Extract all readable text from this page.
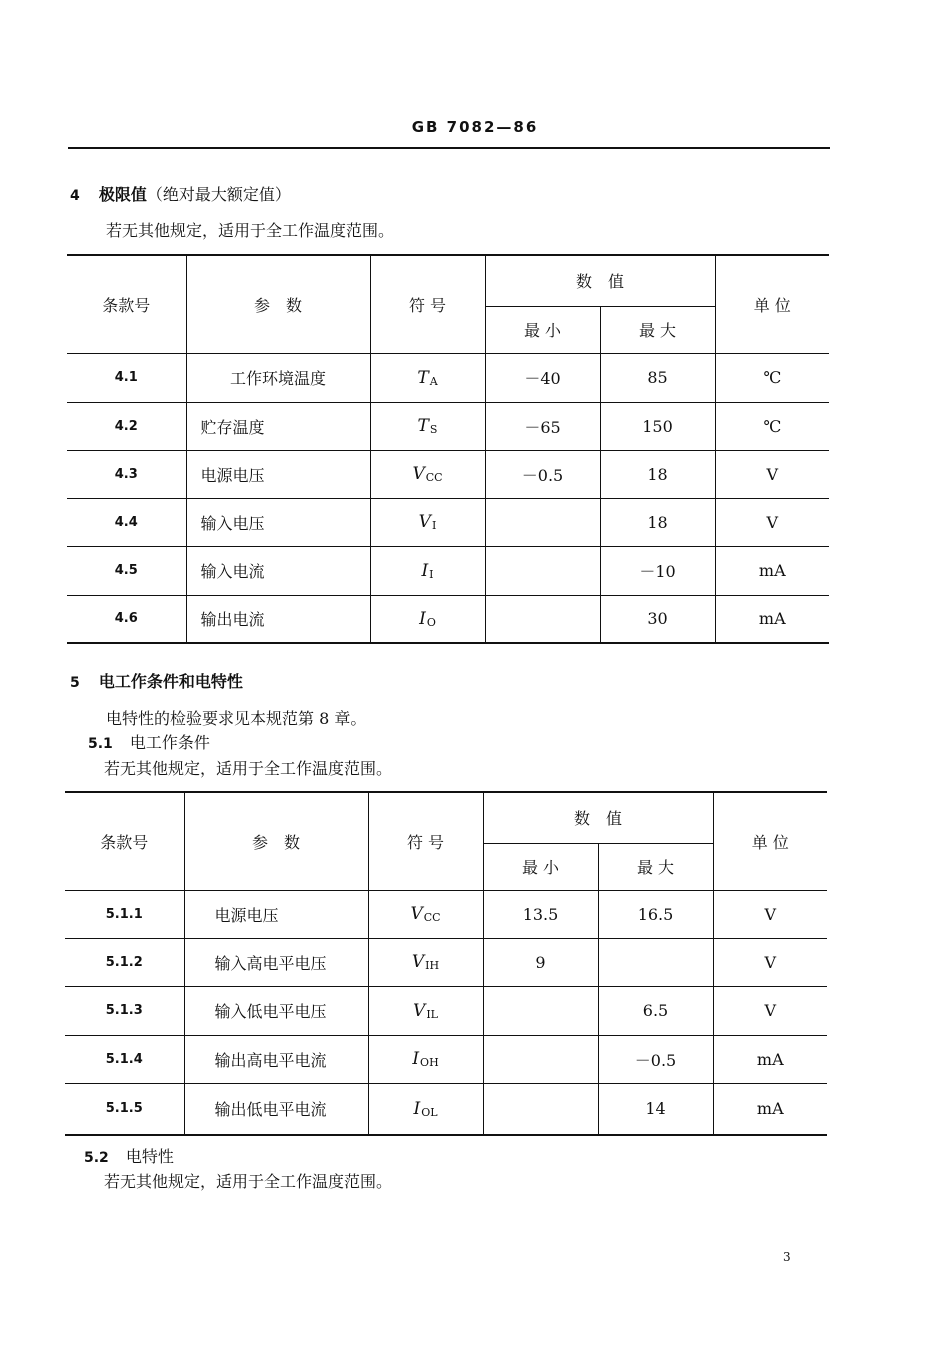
GB 7082—86
4 极限值（绝对最大额定值）
若无其他规定，适用于全工作温度范围。
条款号	参　数	符 号	数　值		单 位
			最 小	最 大	
4.1	工作环境温度	$T_A$	－40	85	℃
4.2	贮存温度	$T_S$	－65	150	℃
4.3	电源电压	$V_{CC}$	－0.5	18	V
4.4	输入电压	$V_I$		18	V
4.5	输入电流	$I_I$		－10	mA
4.6	输出电流	$I_O$		30	mA
5 电工作条件和电特性
电特性的检验要求见本规范第 8 章。
5.1 电工作条件
若无其他规定，适用于全工作温度范围。
条款号	参　数	符 号	数　值		单 位
			最 小	最 大	
5.1.1	电源电压	$V_{CC}$	13.5	16.5	V
5.1.2	输入高电平电压	$V_{IH}$	9		V
5.1.3	输入低电平电压	$V_{IL}$		6.5	V
5.1.4	输出高电平电流	$I_{OH}$		－0.5	mA
5.1.5	输出低电平电流	$I_{OL}$		14	mA
5.2 电特性
若无其他规定，适用于全工作温度范围。
3
